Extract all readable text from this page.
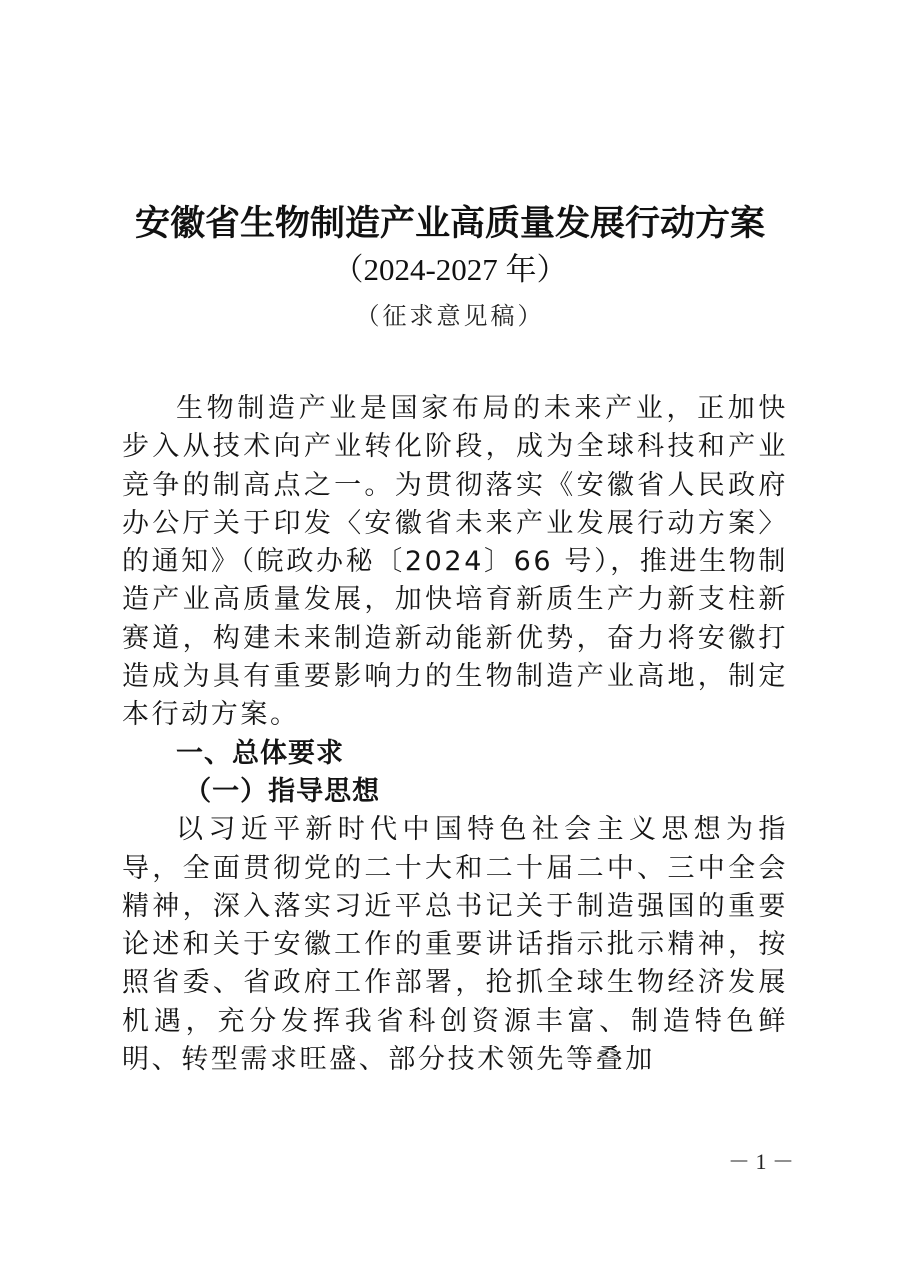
安徽省生物制造产业高质量发展行动方案
（2024-2027 年）
（征求意见稿）

生物制造产业是国家布局的未来产业，正加快步入从技术向产业转化阶段，成为全球科技和产业竞争的制高点之一。为贯彻落实《安徽省人民政府办公厅关于印发〈安徽省未来产业发展行动方案〉的通知》（皖政办秘〔2024〕66 号），推进生物制造产业高质量发展，加快培育新质生产力新支柱新赛道，构建未来制造新动能新优势，奋力将安徽打造成为具有重要影响力的生物制造产业高地，制定本行动方案。

一、总体要求
（一）指导思想

以习近平新时代中国特色社会主义思想为指导，全面贯彻党的二十大和二十届二中、三中全会精神，深入落实习近平总书记关于制造强国的重要论述和关于安徽工作的重要讲话指示批示精神，按照省委、省政府工作部署，抢抓全球生物经济发展机遇，充分发挥我省科创资源丰富、制造特色鲜明、转型需求旺盛、部分技术领先等叠加

－ 1 －
